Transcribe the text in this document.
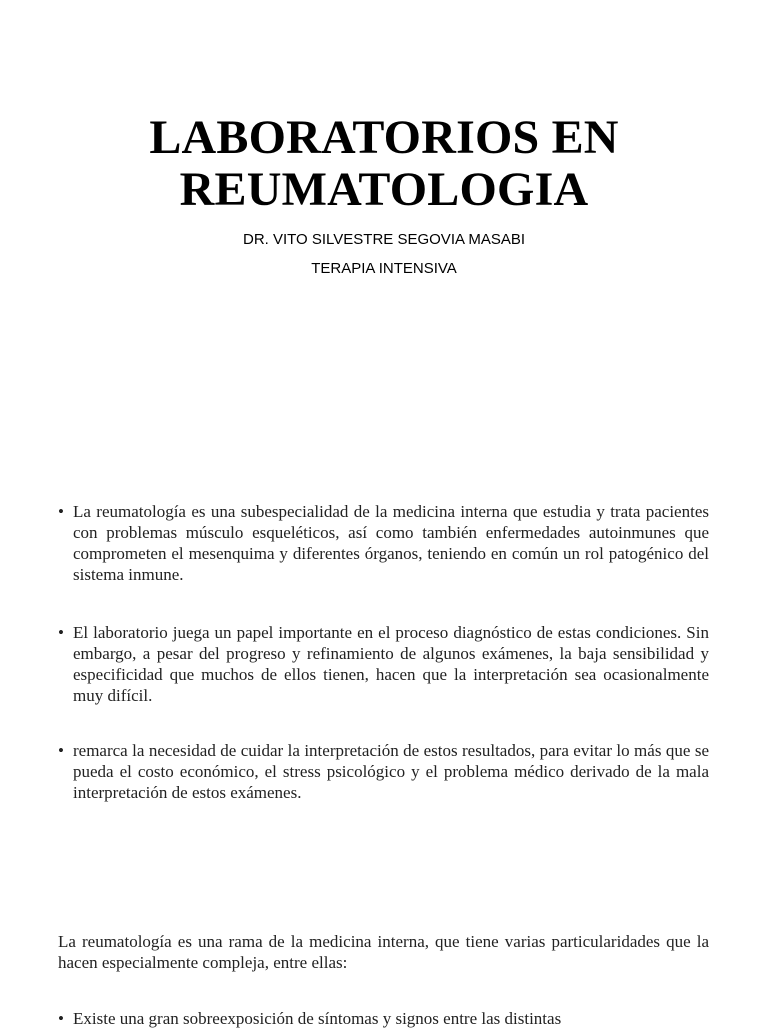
LABORATORIOS EN
REUMATOLOGIA
DR. VITO SILVESTRE SEGOVIA MASABI
TERAPIA INTENSIVA
• La reumatología es una subespecialidad de la medicina interna que estudia y trata pacientes con problemas músculo esqueléticos, así como también enfermedades autoinmunes que comprometen el mesenquima y diferentes órganos, teniendo en común un rol patogénico del sistema inmune.
• El laboratorio juega un papel importante en el proceso diagnóstico de estas condiciones. Sin embargo, a pesar del progreso y refinamiento de algunos exámenes, la baja sensibilidad y especificidad que muchos de ellos tienen, hacen que la interpretación sea ocasionalmente muy difícil.
• remarca la necesidad de cuidar la interpretación de estos resultados, para evitar lo más que se pueda el costo económico, el stress psicológico y el problema médico derivado de la mala interpretación de estos exámenes.

La reumatología es una rama de la medicina interna, que tiene varias particularidades que la hacen especialmente compleja, entre ellas:

• Existe una gran sobreexposición de síntomas y signos entre las distintas
